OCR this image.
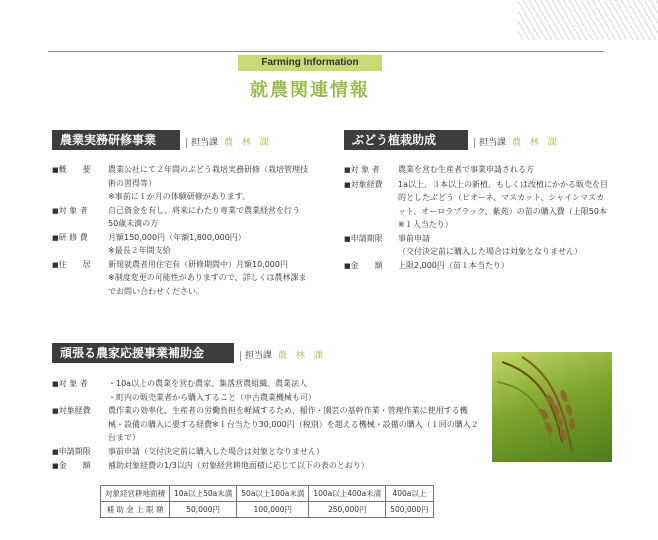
Farming Information
就農関連情報
農業実務研修事業	担当課 農 林 課
■概　　要	農業公社にて２年間のぶどう栽培実務研修（栽培管理技術の習得等）
※事前に１か月の体験研修があります。
■対 象 者	自己資金を有し、将来にわたり専業で農業経営を行う50歳未満の方
■研 修 費	月額150,000円（年額1,800,000円）
※最長２年間支給
■住　　居	新規就農者用住宅有（研修期間中）月額10,000円
※制度変更の可能性がありますので、詳しくは農林課までお問い合わせください。
ぶどう植栽助成	担当課 農 林 課
■対 象 者	農業を営む生産者で事業申請される方
■対象経費	1a以上、３本以上の新植、もしくは改植にかかる販売を目的としたぶどう（ピオーネ、マスカット、シャインマスカット、オーロラブラック、紫苑）の苗の購入費（上限50本※１人当たり）
■申請期限	事前申請
（交付決定前に購入した場合は対象となりません）
■金　　額	上限2,000円（苗１本当たり）
頑張る農家応援事業補助金	担当課 農 林 課
■対 象 者	・10a以上の農業を営む農家、集落営農組織、農業法人
・町内の販売業者から購入すること（中古農業機械も可）
■対象経費	農作業の効率化、生産者の労働負担を軽減するため、稲作・園芸の基幹作業・管理作業に使用する機械・設備の購入に要する経費※１台当たり30,000円（税別）を超える機械・設備の購入（１回の購入２台まで）
■申請期限	事前申請（交付決定前に購入した場合は対象となりません）
■金　　額	補助対象経費の1/3以内（対象経営耕地面積に応じて以下の表のとおり）
対象経営耕地面積	10a以上50a未満	50a以上100a未満	100a以上400a未満	400a以上
補 助 金 上 限 額	50,000円	100,000円	250,000円	500,000円
